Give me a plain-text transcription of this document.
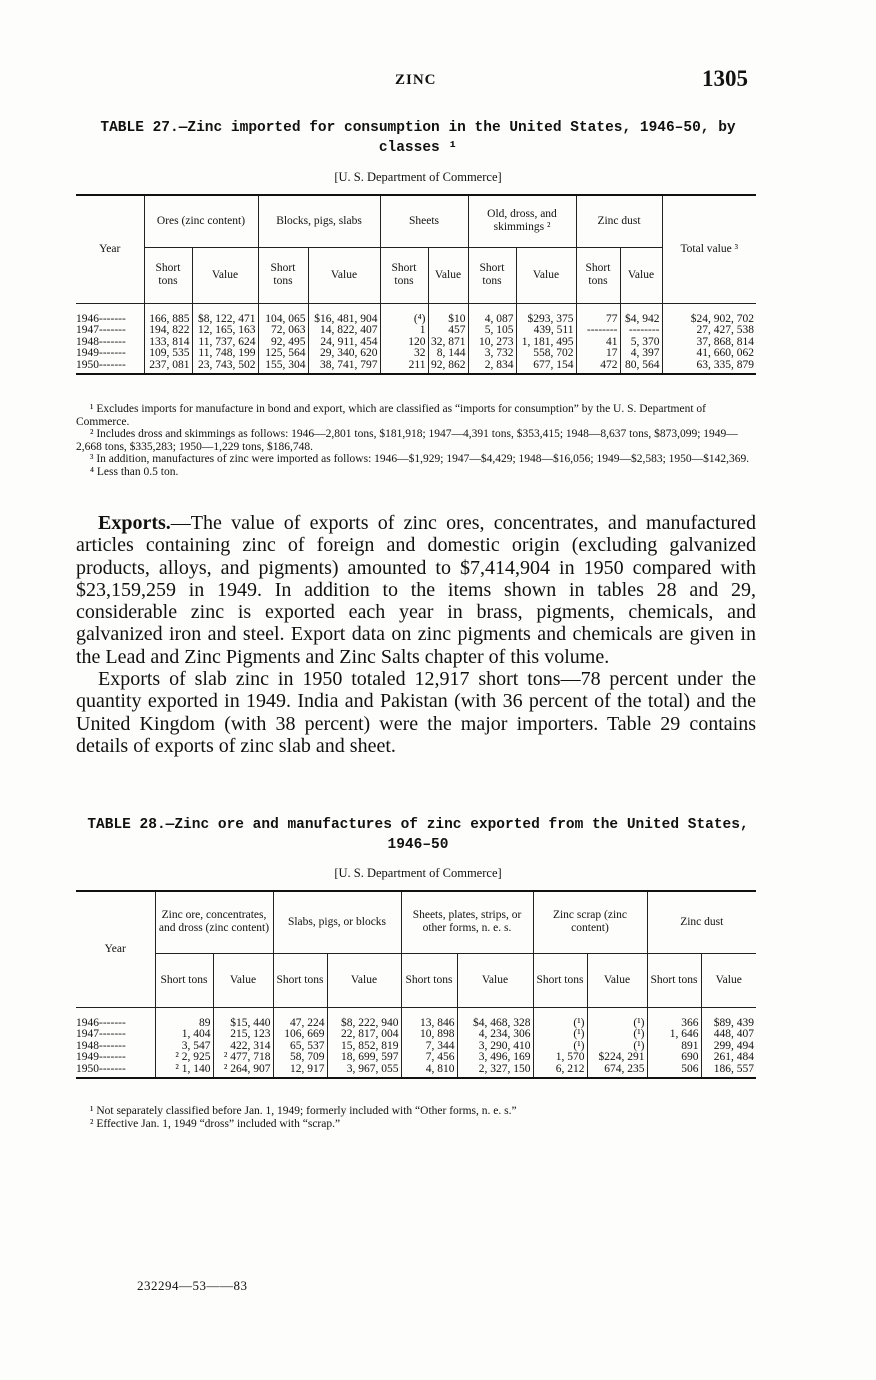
ZINC	1305
TABLE 27.—Zinc imported for consumption in the United States, 1946–50, by classes ¹
[U. S. Department of Commerce]
Year	Ores (zinc content)		Blocks, pigs, slabs		Sheets		Old, dross, and skimmings ²		Zinc dust		Total value ³
	Short tons	Value	Short tons	Value	Short tons	Value	Short tons	Value	Short tons	Value	

1946-------	166, 885	$8, 122, 471	104, 065	$16, 481, 904	(⁴)	$10	4, 087	$293, 375	77	$4, 942	$24, 902, 702
1947-------	194, 822	12, 165, 163	72, 063	14, 822, 407	1	457	5, 105	439, 511	--------	--------	27, 427, 538
1948-------	133, 814	11, 737, 624	92, 495	24, 911, 454	120	32, 871	10, 273	1, 181, 495	41	5, 370	37, 868, 814
1949-------	109, 535	11, 748, 199	125, 564	29, 340, 620	32	8, 144	3, 732	558, 702	17	4, 397	41, 660, 062
1950-------	237, 081	23, 743, 502	155, 304	38, 741, 797	211	92, 862	2, 834	677, 154	472	80, 564	63, 335, 879

¹ Excludes imports for manufacture in bond and export, which are classified as “imports for consumption” by the U. S. Department of Commerce.

² Includes dross and skimmings as follows: 1946—2,801 tons, $181,918; 1947—4,391 tons, $353,415; 1948—8,637 tons, $873,099; 1949—2,668 tons, $335,283; 1950—1,229 tons, $186,748.

³ In addition, manufactures of zinc were imported as follows: 1946—$1,929; 1947—$4,429; 1948—$16,056; 1949—$2,583; 1950—$142,369.

⁴ Less than 0.5 ton.

Exports.—The value of exports of zinc ores, concentrates, and manufactured articles containing zinc of foreign and domestic origin (excluding galvanized products, alloys, and pigments) amounted to $7,414,904 in 1950 compared with $23,159,259 in 1949. In addition to the items shown in tables 28 and 29, considerable zinc is exported each year in brass, pigments, chemicals, and galvanized iron and steel. Export data on zinc pigments and chemicals are given in the Lead and Zinc Pigments and Zinc Salts chapter of this volume.

Exports of slab zinc in 1950 totaled 12,917 short tons—78 percent under the quantity exported in 1949. India and Pakistan (with 36 percent of the total) and the United Kingdom (with 38 percent) were the major importers. Table 29 contains details of exports of zinc slab and sheet.

TABLE 28.—Zinc ore and manufactures of zinc exported from the United States, 1946–50
[U. S. Department of Commerce]
Year	Zinc ore, concentrates, and dross (zinc content)		Slabs, pigs, or blocks		Sheets, plates, strips, or other forms, n. e. s.		Zinc scrap (zinc content)		Zinc dust	
	Short tons	Value	Short tons	Value	Short tons	Value	Short tons	Value	Short tons	Value

1946-------	89	$15, 440	47, 224	$8, 222, 940	13, 846	$4, 468, 328	(¹)	(¹)	366	$89, 439
1947-------	1, 404	215, 123	106, 669	22, 817, 004	10, 898	4, 234, 306	(¹)	(¹)	1, 646	448, 407
1948-------	3, 547	422, 314	65, 537	15, 852, 819	7, 344	3, 290, 410	(¹)	(¹)	891	299, 494
1949-------	² 2, 925	² 477, 718	58, 709	18, 699, 597	7, 456	3, 496, 169	1, 570	$224, 291	690	261, 484
1950-------	² 1, 140	² 264, 907	12, 917	3, 967, 055	4, 810	2, 327, 150	6, 212	674, 235	506	186, 557

¹ Not separately classified before Jan. 1, 1949; formerly included with “Other forms, n. e. s.”

² Effective Jan. 1, 1949 “dross” included with “scrap.”

232294—53——83
